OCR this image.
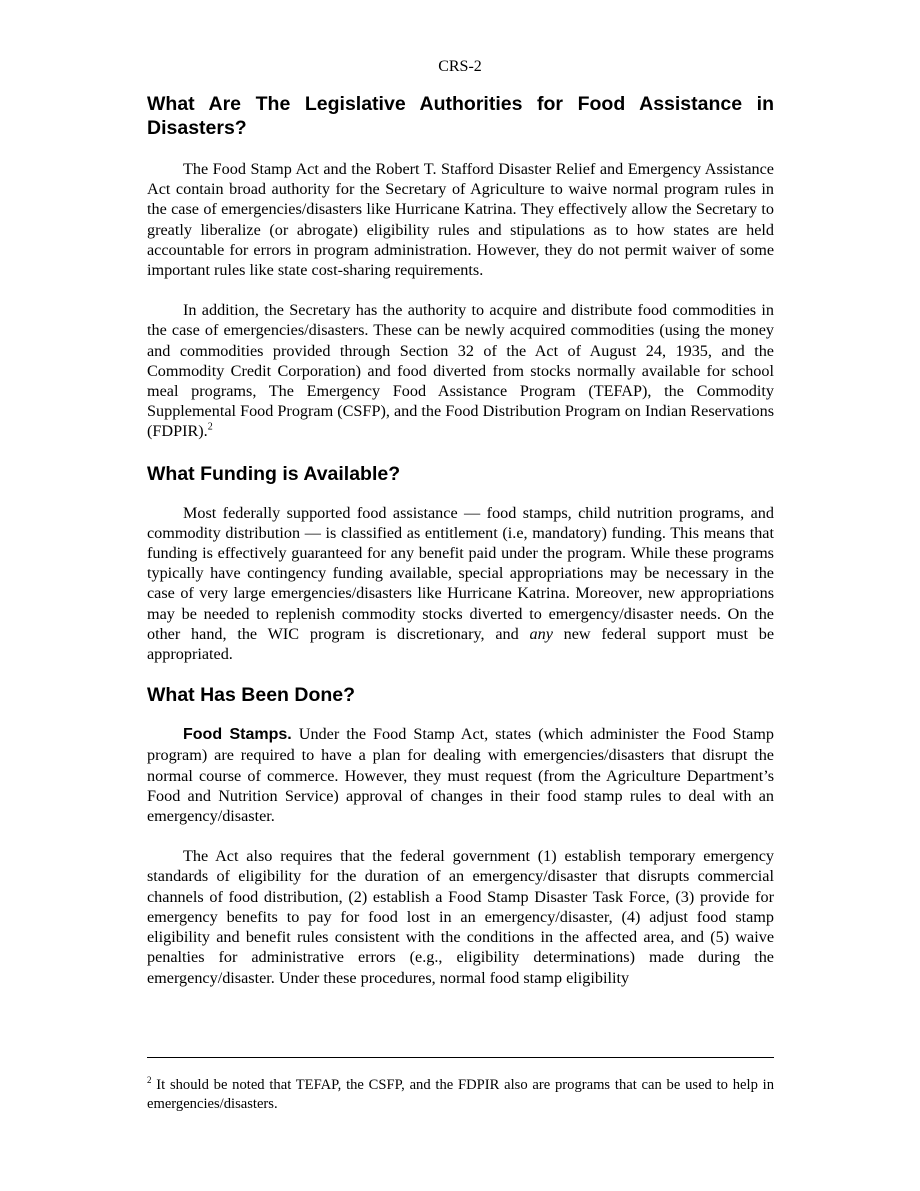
CRS-2
What Are The Legislative Authorities for Food Assistance in Disasters?

The Food Stamp Act and the Robert T. Stafford Disaster Relief and Emergency Assistance Act contain broad authority for the Secretary of Agriculture to waive normal program rules in the case of emergencies/disasters like Hurricane Katrina. They effectively allow the Secretary to greatly liberalize (or abrogate) eligibility rules and stipulations as to how states are held accountable for errors in program administration. However, they do not permit waiver of some important rules like state cost-sharing requirements.

In addition, the Secretary has the authority to acquire and distribute food commodities in the case of emergencies/disasters. These can be newly acquired commodities (using the money and commodities provided through Section 32 of the Act of August 24, 1935, and the Commodity Credit Corporation) and food diverted from stocks normally available for school meal programs, The Emergency Food Assistance Program (TEFAP), the Commodity Supplemental Food Program (CSFP), and the Food Distribution Program on Indian Reservations (FDPIR).$^2$

What Funding is Available?

Most federally supported food assistance — food stamps, child nutrition programs, and commodity distribution — is classified as entitlement (i.e, mandatory) funding. This means that funding is effectively guaranteed for any benefit paid under the program. While these programs typically have contingency funding available, special appropriations may be necessary in the case of very large emergencies/disasters like Hurricane Katrina. Moreover, new appropriations may be needed to replenish commodity stocks diverted to emergency/disaster needs. On the other hand, the WIC program is discretionary, and any new federal support must be appropriated.

What Has Been Done?

Food Stamps. Under the Food Stamp Act, states (which administer the Food Stamp program) are required to have a plan for dealing with emergencies/disasters that disrupt the normal course of commerce. However, they must request (from the Agriculture Department’s Food and Nutrition Service) approval of changes in their food stamp rules to deal with an emergency/disaster.

The Act also requires that the federal government (1) establish temporary emergency standards of eligibility for the duration of an emergency/disaster that disrupts commercial channels of food distribution, (2) establish a Food Stamp Disaster Task Force, (3) provide for emergency benefits to pay for food lost in an emergency/disaster, (4) adjust food stamp eligibility and benefit rules consistent with the conditions in the affected area, and (5) waive penalties for administrative errors (e.g., eligibility determinations) made during the emergency/disaster. Under these procedures, normal food stamp eligibility

$^2$ It should be noted that TEFAP, the CSFP, and the FDPIR also are programs that can be used to help in emergencies/disasters.
